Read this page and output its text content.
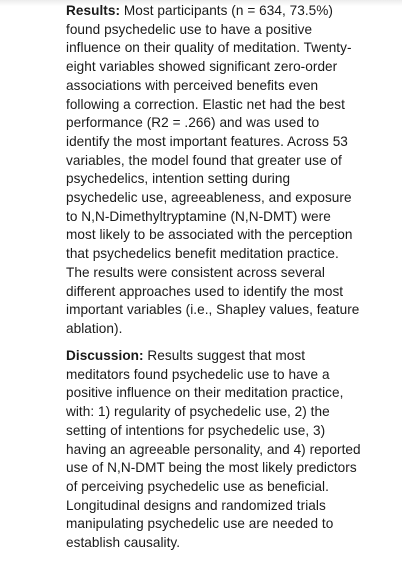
Results: Most participants (n = 634, 73.5%) found psychedelic use to have a positive influence on their quality of meditation. Twenty-eight variables showed significant zero-order associations with perceived benefits even following a correction. Elastic net had the best performance (R2 = .266) and was used to identify the most important features. Across 53 variables, the model found that greater use of psychedelics, intention setting during psychedelic use, agreeableness, and exposure to N,N-Dimethyltryptamine (N,N-DMT) were most likely to be associated with the perception that psychedelics benefit meditation practice. The results were consistent across several different approaches used to identify the most important variables (i.e., Shapley values, feature ablation).

Discussion: Results suggest that most meditators found psychedelic use to have a positive influence on their meditation practice, with: 1) regularity of psychedelic use, 2) the setting of intentions for psychedelic use, 3) having an agreeable personality, and 4) reported use of N,N-DMT being the most likely predictors of perceiving psychedelic use as beneficial. Longitudinal designs and randomized trials manipulating psychedelic use are needed to establish causality.
